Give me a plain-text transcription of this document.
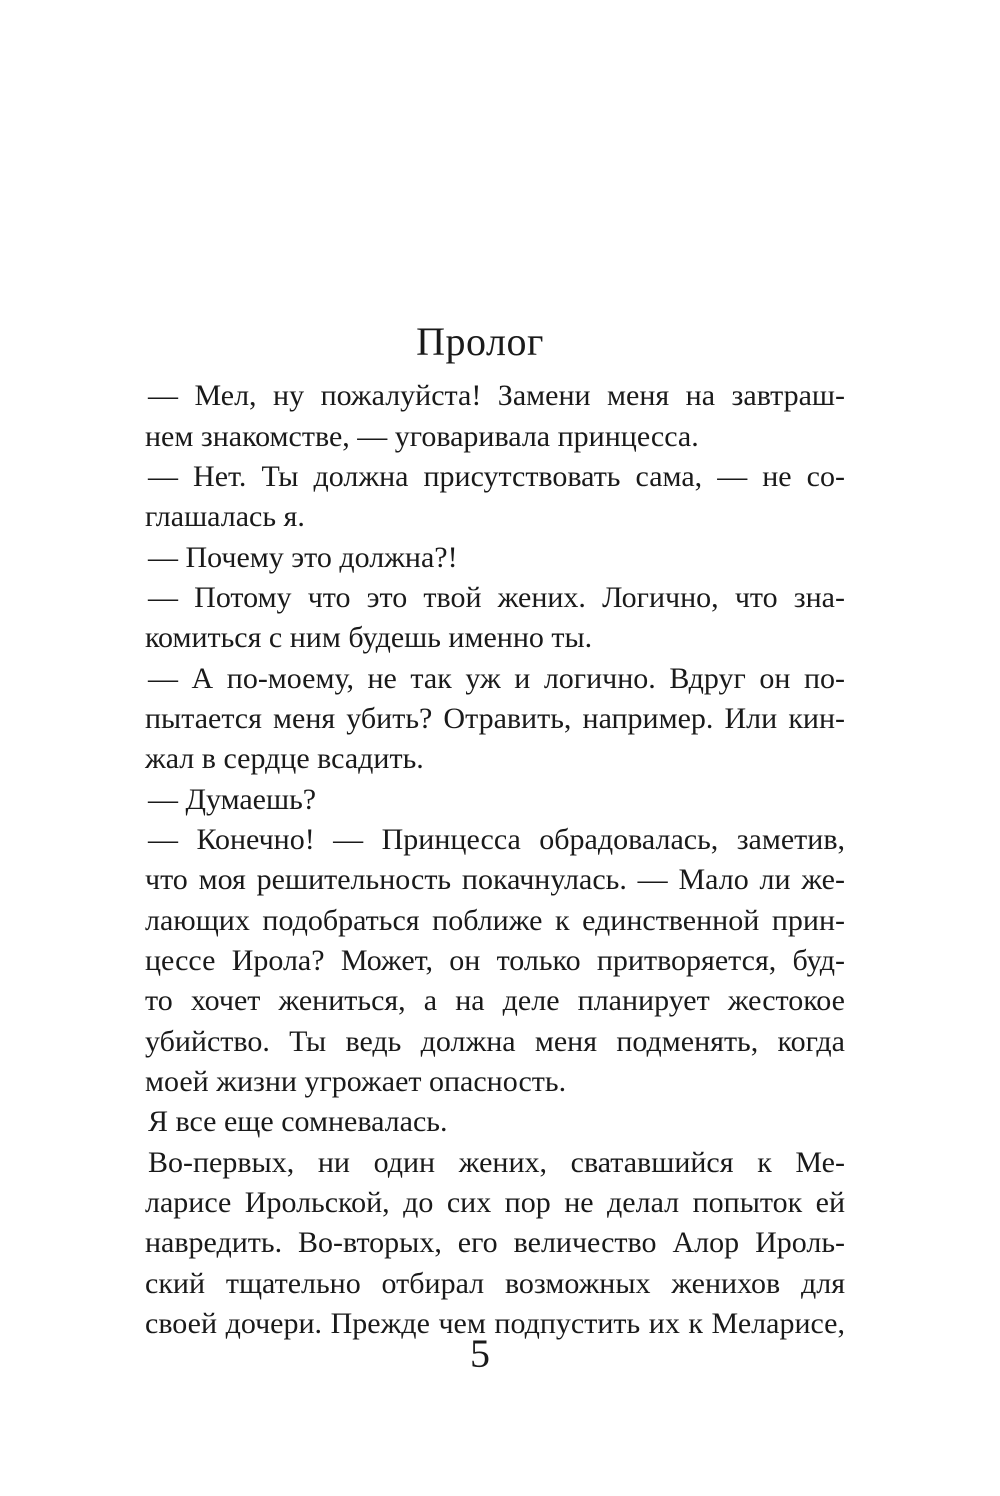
Пролог
— Мел, ну пожалуйста! Замени меня на завтраш-
нем знакомстве, — уговаривала принцесса.
— Нет. Ты должна присутствовать сама, — не со-
глашалась я.
— Почему это должна?!
— Потому что это твой жених. Логично, что зна-
комиться с ним будешь именно ты.
— А по-моему, не так уж и логично. Вдруг он по-
пытается меня убить? Отравить, например. Или кин-
жал в сердце всадить.
— Думаешь?
— Конечно! — Принцесса обрадовалась, заметив,
что моя решительность покачнулась. — Мало ли же-
лающих подобраться поближе к единственной прин-
цессе Ирола? Может, он только притворяется, буд-
то хочет жениться, а на деле планирует жестокое
убийство. Ты ведь должна меня подменять, когда
моей жизни угрожает опасность.
Я все еще сомневалась.
Во-первых, ни один жених, сватавшийся к Ме-
ларисе Ирольской, до сих пор не делал попыток ей
навредить. Во-вторых, его величество Алор Ироль-
ский тщательно отбирал возможных женихов для
своей дочери. Прежде чем подпустить их к Меларисе,
5
